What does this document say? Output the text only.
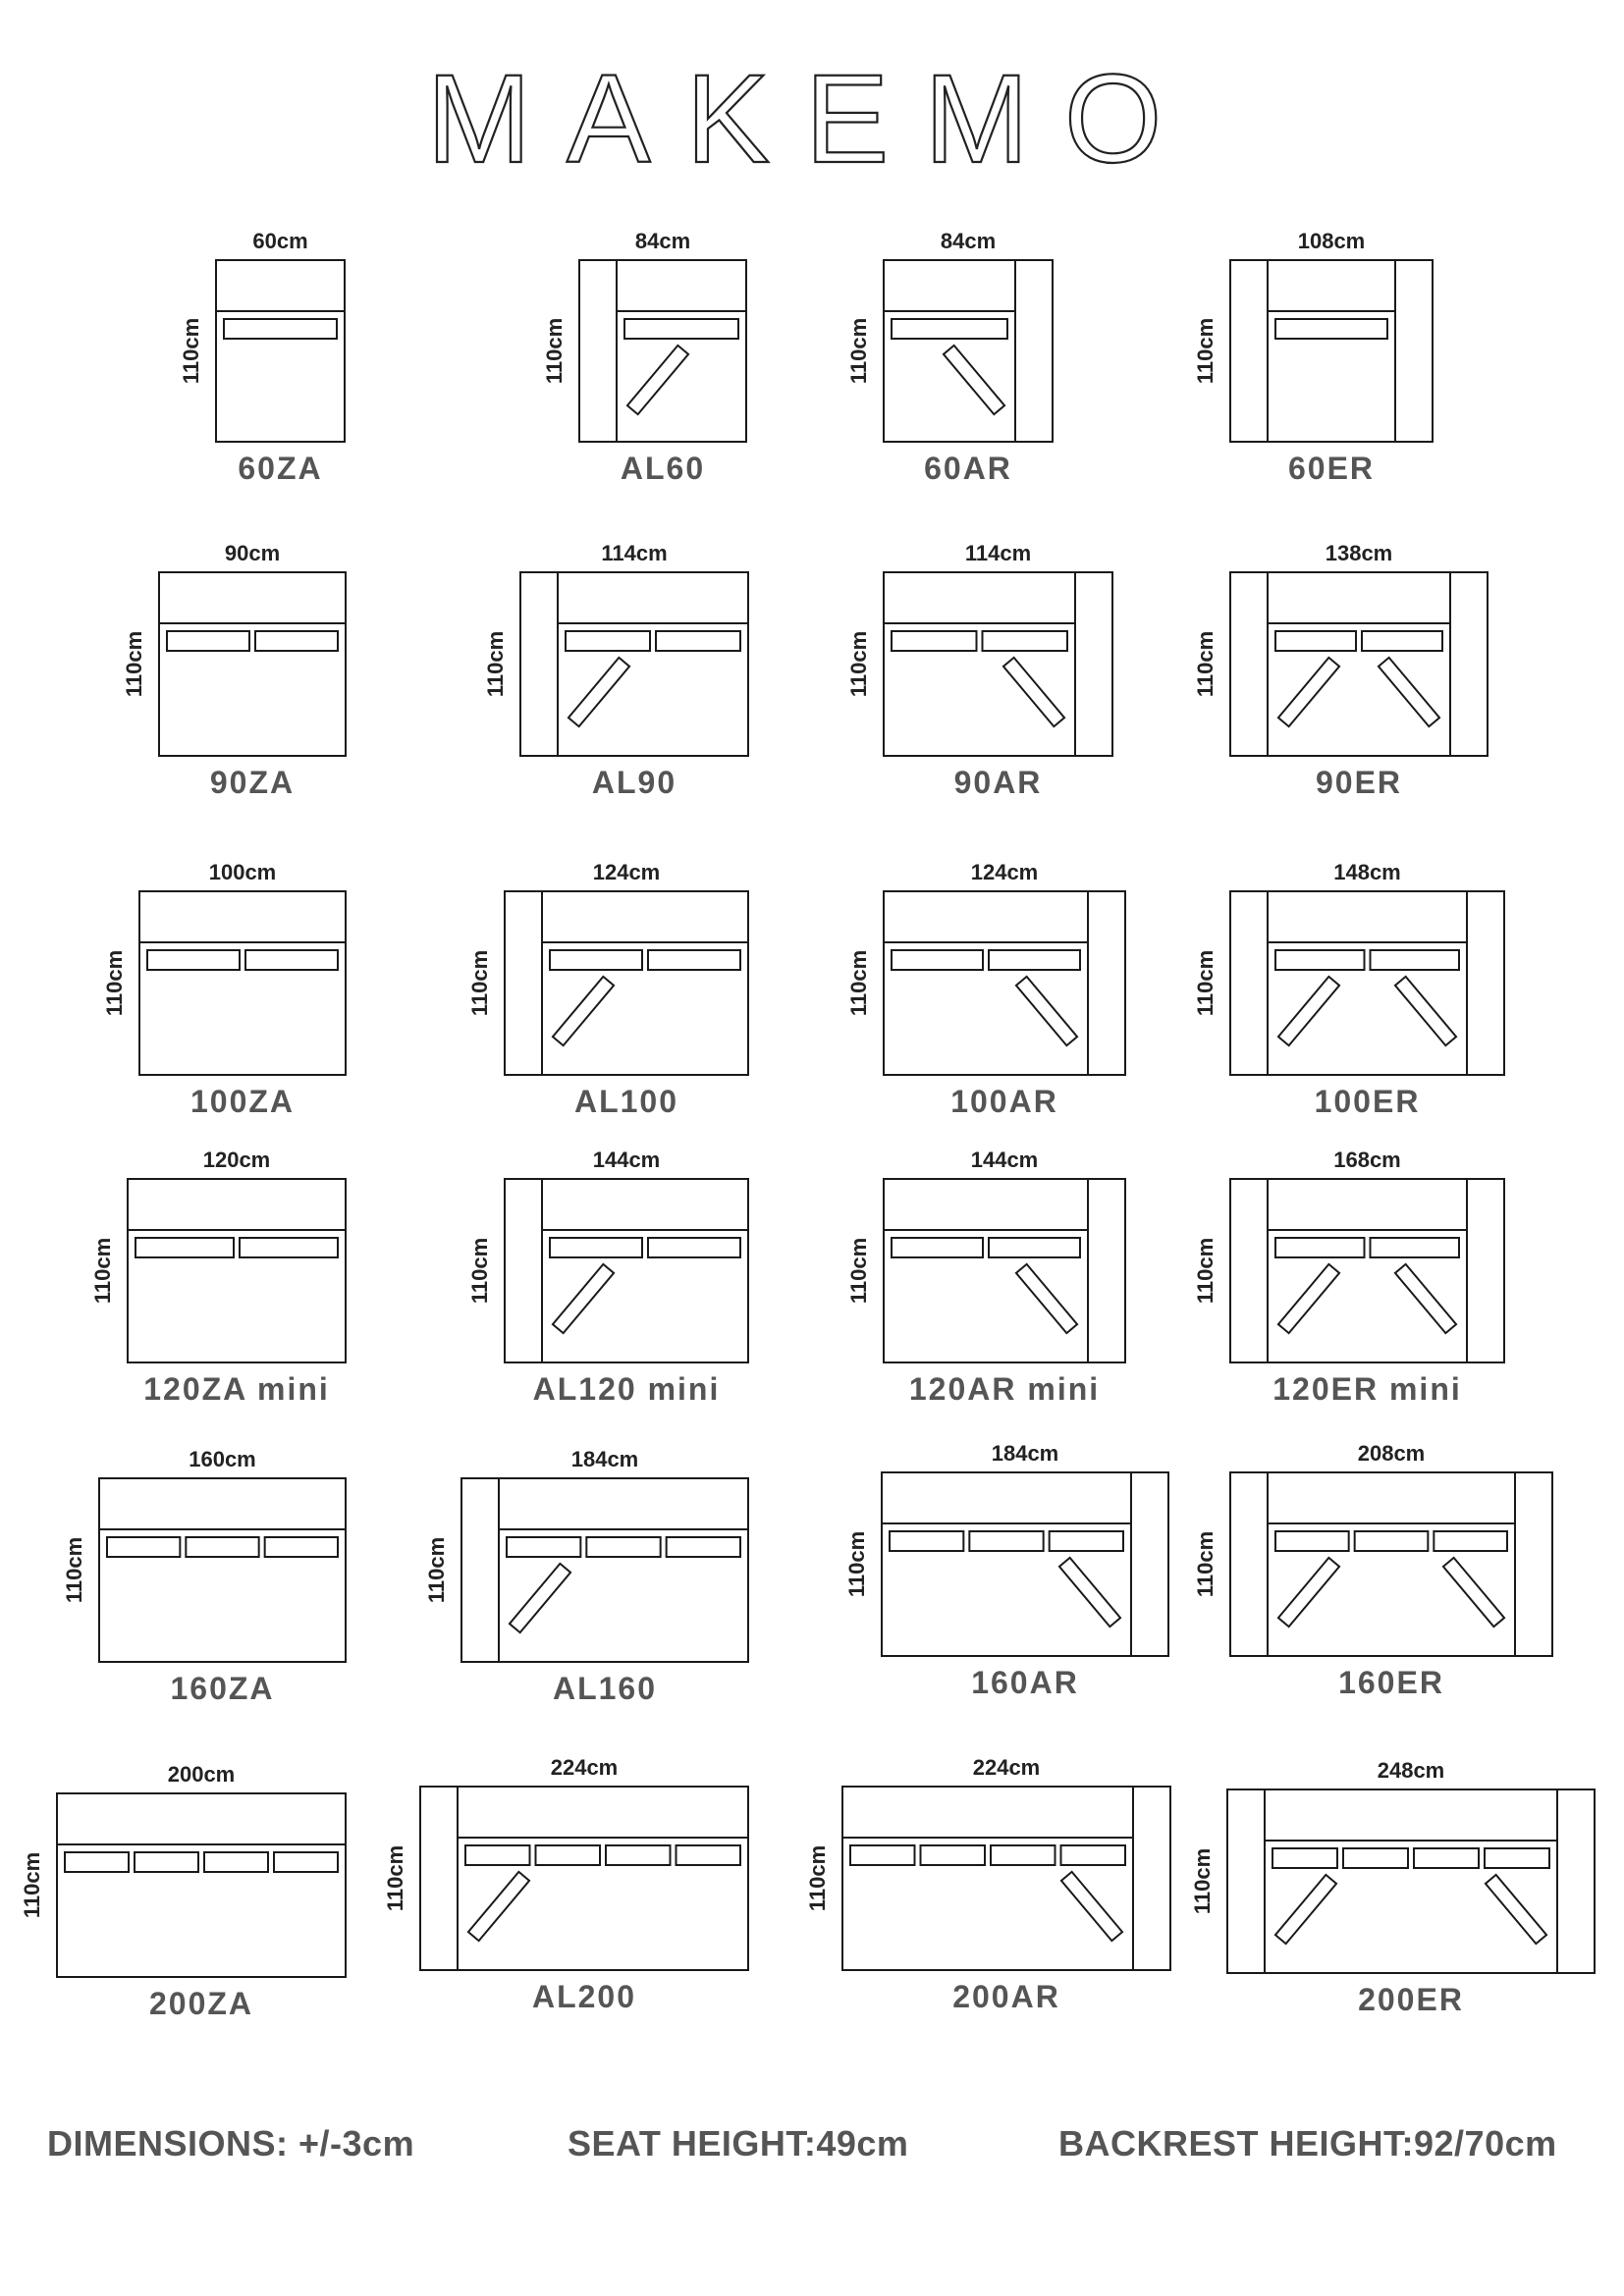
MAKEMO
60cm
110cm
60ZA
84cm
110cm
AL60
84cm
110cm
60AR
108cm
110cm
60ER
90cm
110cm
90ZA
114cm
110cm
AL90
114cm
110cm
90AR
138cm
110cm
90ER
100cm
110cm
100ZA
124cm
110cm
AL100
124cm
110cm
100AR
148cm
110cm
100ER
120cm
110cm
120ZA mini
144cm
110cm
AL120 mini
144cm
110cm
120AR mini
168cm
110cm
120ER mini
160cm
110cm
160ZA
184cm
110cm
AL160
184cm
110cm
160AR
208cm
110cm
160ER
200cm
110cm
200ZA
224cm
110cm
AL200
224cm
110cm
200AR
248cm
110cm
200ER
DIMENSIONS: +/-3cm	SEAT HEIGHT:49cm	BACKREST HEIGHT:92/70cm
